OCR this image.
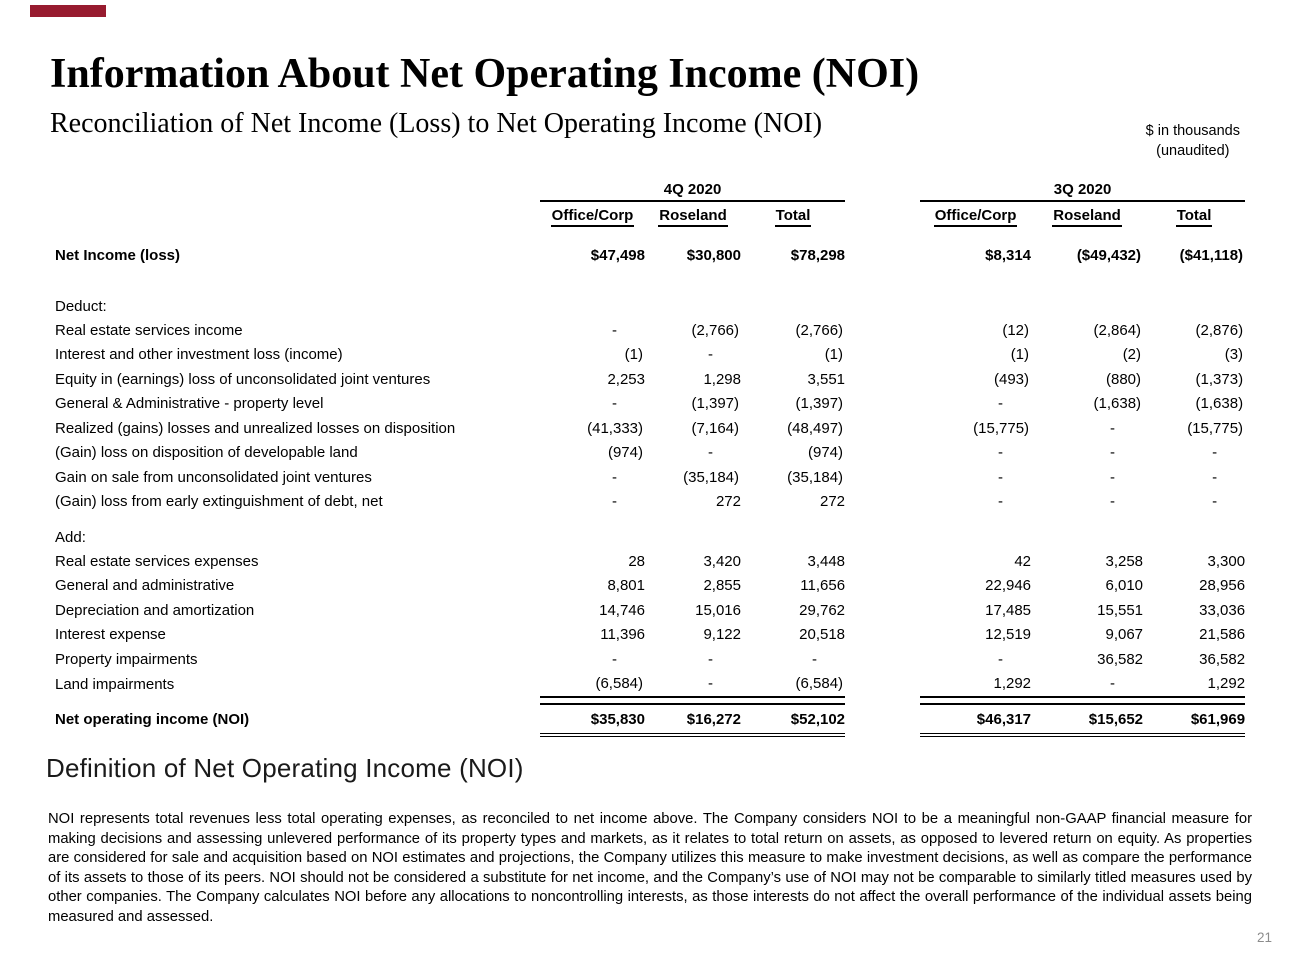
Information About Net Operating Income (NOI)
Reconciliation of Net Income (Loss) to Net Operating Income (NOI)	$ in thousands
(unaudited)
	4Q 2020				3Q 2020		
	Office/Corp	Roseland	Total		Office/Corp	Roseland	Total

Net Income (loss)	$47,498	$30,800	$78,298		$8,314	($49,432)	($41,118)

Deduct:							
Real estate services income	-	(2,766)	(2,766)		(12)	(2,864)	(2,876)
Interest and other investment loss (income)	(1)	-	(1)		(1)	(2)	(3)
Equity in (earnings) loss of unconsolidated joint ventures	2,253	1,298	3,551		(493)	(880)	(1,373)
General & Administrative - property level	-	(1,397)	(1,397)		-	(1,638)	(1,638)
Realized (gains) losses and unrealized losses on disposition	(41,333)	(7,164)	(48,497)		(15,775)	-	(15,775)
(Gain) loss on disposition of developable land	(974)	-	(974)		-	-	-
Gain on sale from unconsolidated joint ventures	-	(35,184)	(35,184)		-	-	-
(Gain) loss from early extinguishment of debt, net	-	272	272		-	-	-

Add:							
Real estate services expenses	28	3,420	3,448		42	3,258	3,300
General and administrative	8,801	2,855	11,656		22,946	6,010	28,956
Depreciation and amortization	14,746	15,016	29,762		17,485	15,551	33,036
Interest expense	11,396	9,122	20,518		12,519	9,067	21,586
Property impairments	-	-	-		-	36,582	36,582
Land impairments	(6,584)	-	(6,584)		1,292	-	1,292

Net operating income (NOI)	$35,830	$16,272	$52,102		$46,317	$15,652	$61,969
Definition of Net Operating Income (NOI)

NOI represents total revenues less total operating expenses, as reconciled to net income above. The Company considers NOI to be a meaningful non-GAAP financial measure for making decisions and assessing unlevered performance of its property types and markets, as it relates to total return on assets, as opposed to levered return on equity. As properties are considered for sale and acquisition based on NOI estimates and projections, the Company utilizes this measure to make investment decisions, as well as compare the performance of its assets to those of its peers. NOI should not be considered a substitute for net income, and the Company’s use of NOI may not be comparable to similarly titled measures used by other companies. The Company calculates NOI before any allocations to noncontrolling interests, as those interests do not affect the overall performance of the individual assets being measured and assessed.

21
